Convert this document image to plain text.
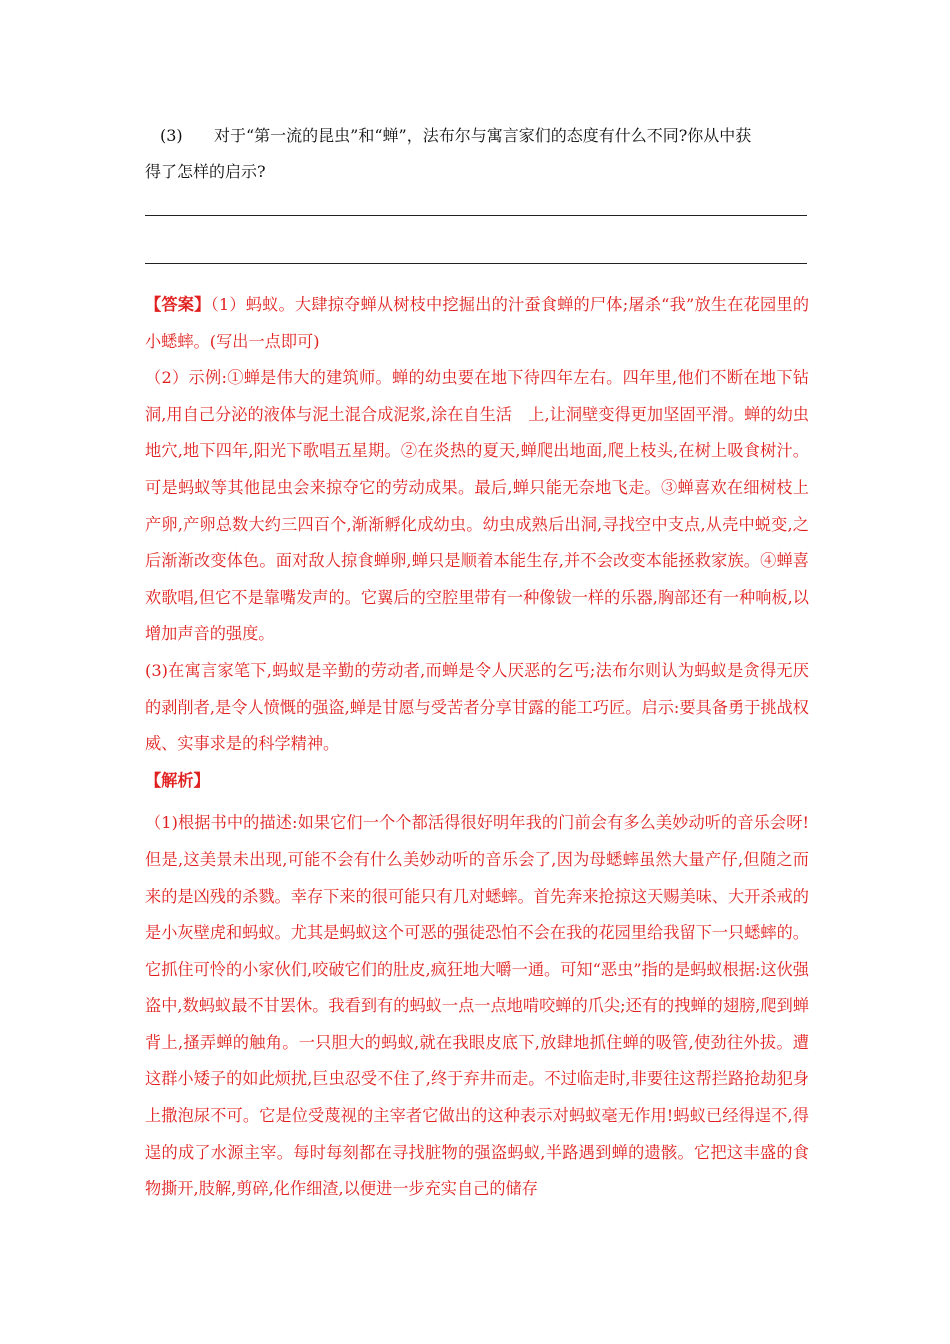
(3) 对于“第一流的昆虫”和“蝉”，法布尔与寓言家们的态度有什么不同?你从中获
得了怎样的启示?

【答案】（1）蚂蚁。大肆掠夺蝉从树枝中挖掘出的汁蚕食蝉的尸体;屠杀“我”放生在花园里的小蟋蟀。(写出一点即可)

（2）示例:①蝉是伟大的建筑师。蝉的幼虫要在地下待四年左右。四年里,他们不断在地下钻洞,用自己分泌的液体与泥土混合成泥浆,涂在自生活　上,让洞壁变得更加坚固平滑。蝉的幼虫地穴,地下四年,阳光下歌唱五星期。②在炎热的夏天,蝉爬出地面,爬上枝头,在树上吸食树汁。可是蚂蚁等其他昆虫会来掠夺它的劳动成果。最后,蝉只能无奈地飞走。③蝉喜欢在细树枝上产卵,产卵总数大约三四百个,渐渐孵化成幼虫。幼虫成熟后出洞,寻找空中支点,从壳中蜕变,之后渐渐改变体色。面对敌人掠食蝉卵,蝉只是顺着本能生存,并不会改变本能拯救家族。④蝉喜欢歌唱,但它不是靠嘴发声的。它翼后的空腔里带有一种像钹一样的乐器,胸部还有一种响板,以增加声音的强度。

(3)在寓言家笔下,蚂蚁是辛勤的劳动者,而蝉是令人厌恶的乞丐;法布尔则认为蚂蚁是贪得无厌的剥削者,是令人愤慨的强盗,蝉是甘愿与受苦者分享甘露的能工巧匠。启示:要具备勇于挑战权威、实事求是的科学精神。

【解析】

（1)根据书中的描述:如果它们一个个都活得很好明年我的门前会有多么美妙动听的音乐会呀!但是,这美景未出现,可能不会有什么美妙动听的音乐会了,因为母蟋蟀虽然大量产仔,但随之而来的是凶残的杀戮。幸存下来的很可能只有几对蟋蟀。首先奔来抢掠这天赐美味、大开杀戒的是小灰壁虎和蚂蚁。尤其是蚂蚁这个可恶的强徒恐怕不会在我的花园里给我留下一只蟋蟀的。它抓住可怜的小家伙们,咬破它们的肚皮,疯狂地大嚼一通。可知“恶虫”指的是蚂蚁根据:这伙强盗中,数蚂蚁最不甘罢休。我看到有的蚂蚁一点一点地啃咬蝉的爪尖;还有的拽蝉的翅膀,爬到蝉背上,搔弄蝉的触角。一只胆大的蚂蚁,就在我眼皮底下,放肆地抓住蝉的吸管,使劲往外拔。遭这群小矮子的如此烦扰,巨虫忍受不住了,终于弃井而走。不过临走时,非要往这帮拦路抢劫犯身上撒泡尿不可。它是位受蔑视的主宰者它做出的这种表示对蚂蚁毫无作用!蚂蚁已经得逞不,得逞的成了水源主宰。每时每刻都在寻找脏物的强盗蚂蚁,半路遇到蝉的遗骸。它把这丰盛的食物撕开,肢解,剪碎,化作细渣,以便进一步充实自己的储存
